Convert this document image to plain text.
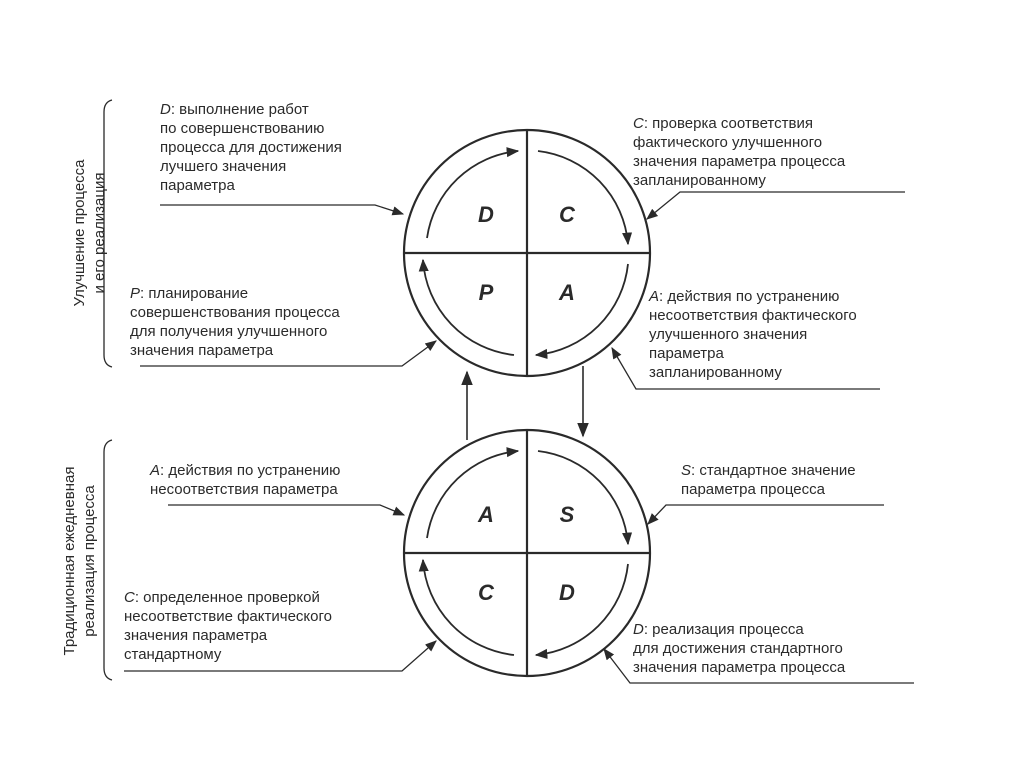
D	C
P	A
A	S
C	D
Улучшение процесса и его реализация
Традиционная ежедневная реализация процесса

D: выполнение работ

по совершенствованию

процесса для достижения

лучшего значения

параметра

C: проверка соответствия

фактического улучшенного

значения параметра процесса

запланированному

P: планирование

совершенствования процесса

для получения улучшенного

значения параметра

A: действия по устранению

несоответствия фактического

улучшенного значения

параметра

запланированному

A: действия по устранению

несоответствия параметра

S: стандартное значение

параметра процесса

C: определенное проверкой

несоответствие фактического

значения параметра

стандартному

D: реализация процесса

для достижения стандартного

значения параметра процесса
